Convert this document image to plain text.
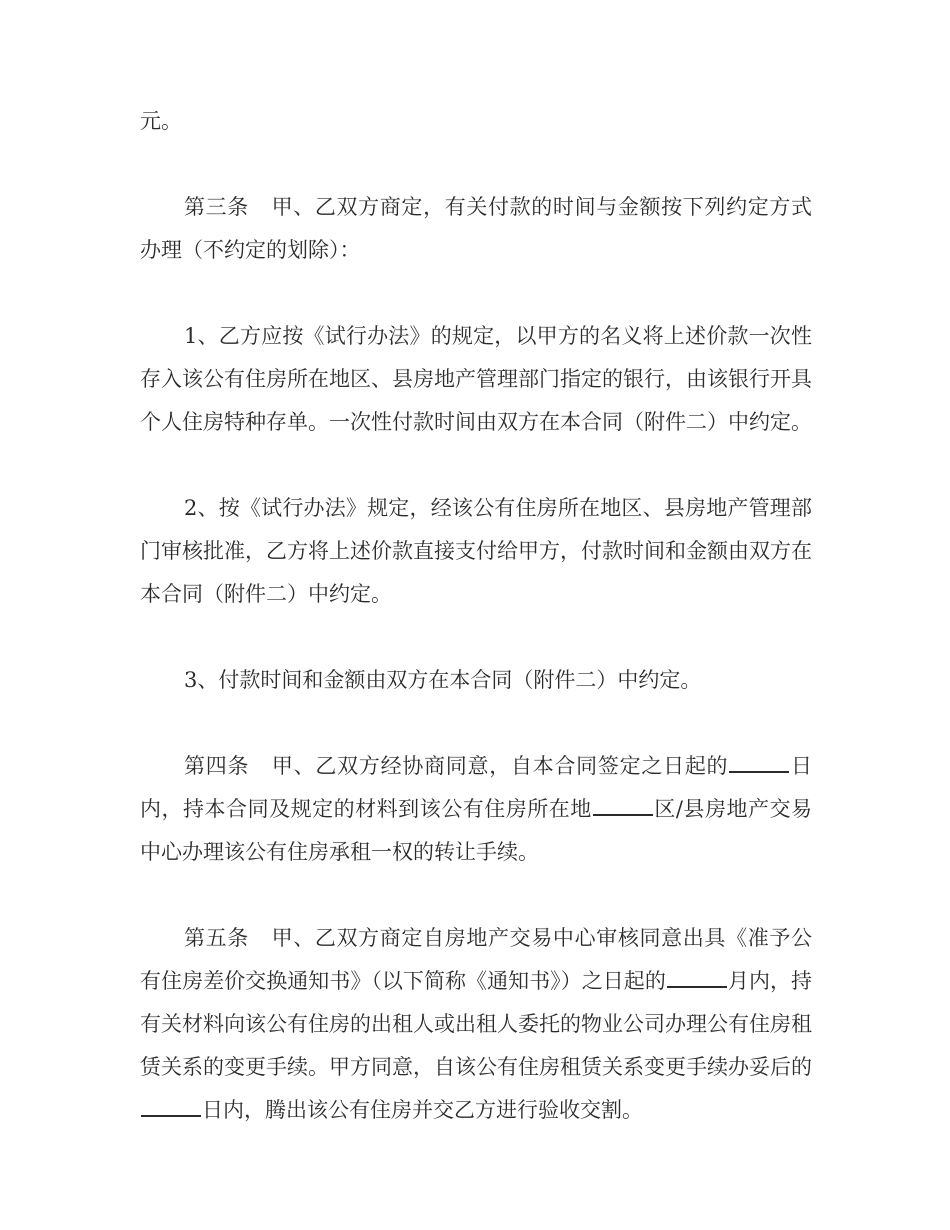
元。

第三条 甲、乙双方商定，有关付款的时间与金额按下列约定方式办理（不约定的划除）：

1、乙方应按《试行办法》的规定，以甲方的名义将上述价款一次性存入该公有住房所在地区、县房地产管理部门指定的银行，由该银行开具个人住房特种存单。一次性付款时间由双方在本合同（附件二）中约定。

2、按《试行办法》规定，经该公有住房所在地区、县房地产管理部门审核批准，乙方将上述价款直接支付给甲方，付款时间和金额由双方在本合同（附件二）中约定。

3、付款时间和金额由双方在本合同（附件二）中约定。

第四条 甲、乙双方经协商同意，自本合同签定之日起的	日内，持本合同及规定的材料到该公有住房所在地	区/县房地产交易中心办理该公有住房承租一权的转让手续。

第五条 甲、乙双方商定自房地产交易中心审核同意出具《准予公有住房差价交换通知书》（以下简称《通知书》）之日起的	月内，持有关材料向该公有住房的出租人或出租人委托的物业公司办理公有住房租赁关系的变更手续。甲方同意，自该公有住房租赁关系变更手续办妥后的日内，腾出该公有住房并交乙方进行验收交割。
